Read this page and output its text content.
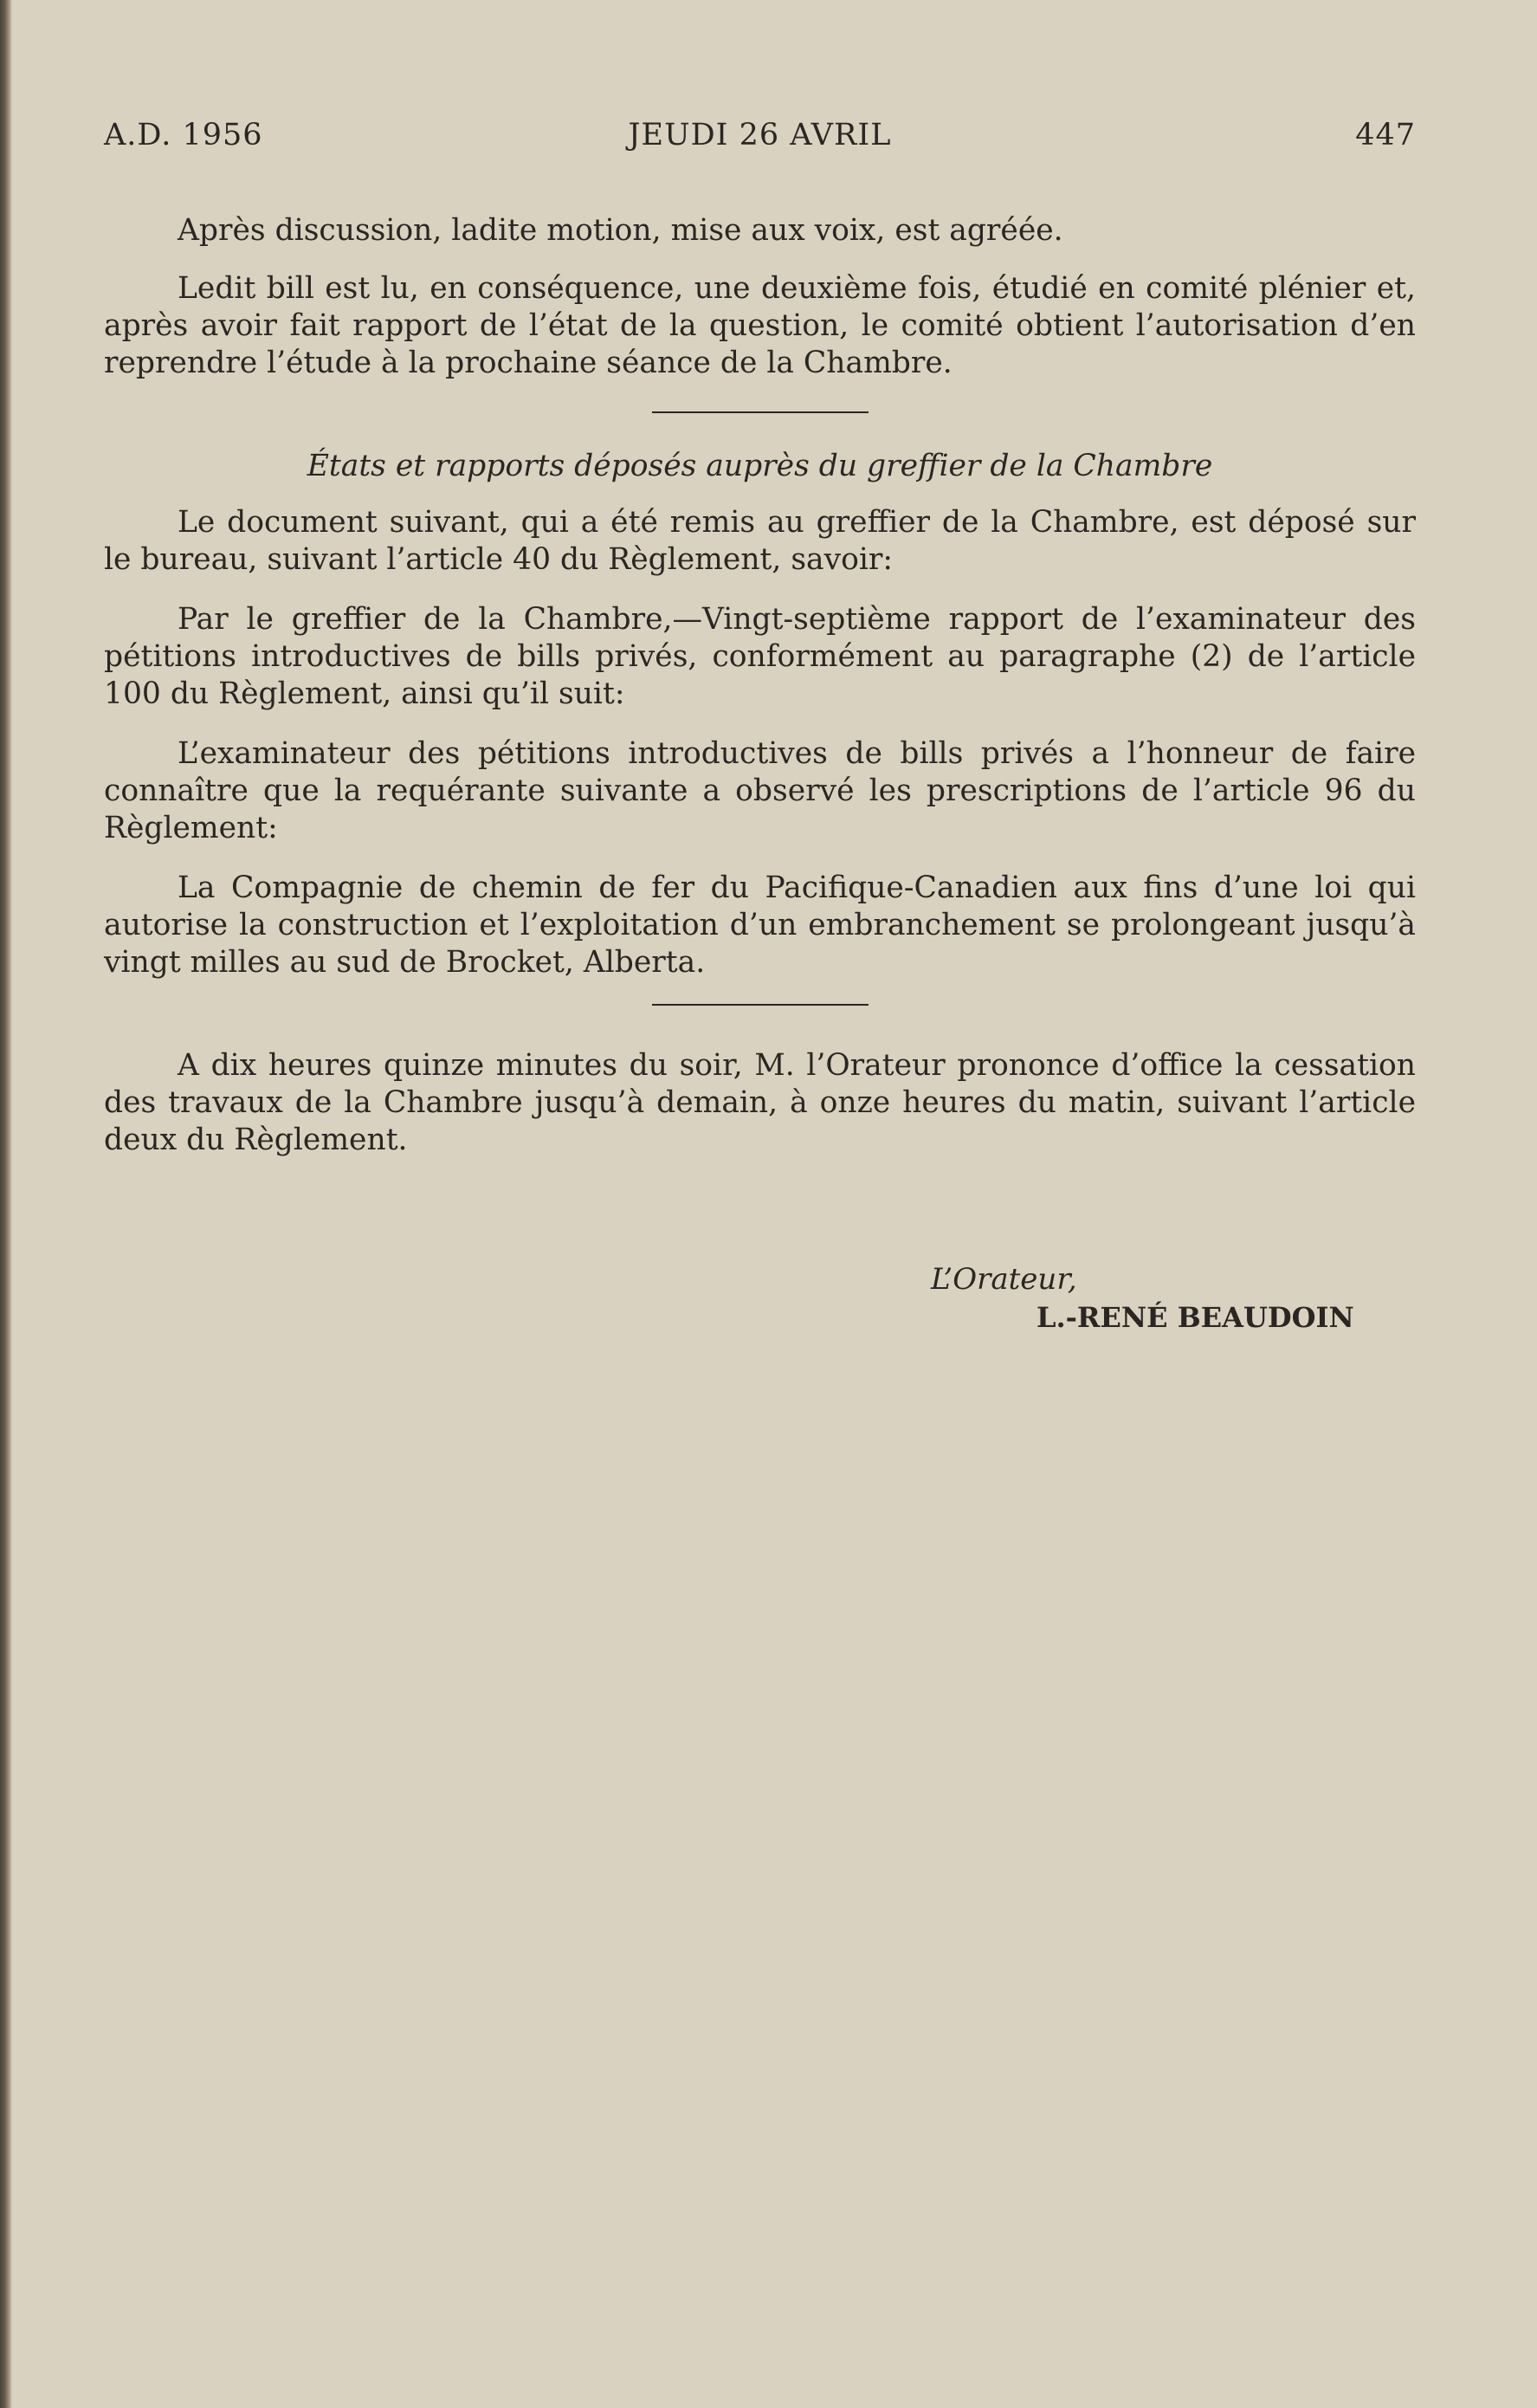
A.D. 1956	JEUDI 26 AVRIL	447

Après discussion, ladite motion, mise aux voix, est agréée.

Ledit bill est lu, en conséquence, une deuxième fois, étudié en comité plénier et, après avoir fait rapport de l’état de la question, le comité obtient l’autorisation d’en reprendre l’étude à la prochaine séance de la Chambre.

États et rapports déposés auprès du greffier de la Chambre

Le document suivant, qui a été remis au greffier de la Chambre, est déposé sur le bureau, suivant l’article 40 du Règlement, savoir:

Par le greffier de la Chambre,—Vingt-septième rapport de l’examinateur des pétitions introductives de bills privés, conformément au paragraphe (2) de l’article 100 du Règlement, ainsi qu’il suit:

L’examinateur des pétitions introductives de bills privés a l’honneur de faire connaître que la requérante suivante a observé les prescriptions de l’article 96 du Règlement:

La Compagnie de chemin de fer du Pacifique-Canadien aux fins d’une loi qui autorise la construction et l’exploitation d’un embranchement se prolongeant jusqu’à vingt milles au sud de Brocket, Alberta.

A dix heures quinze minutes du soir, M. l’Orateur prononce d’office la cessation des travaux de la Chambre jusqu’à demain, à onze heures du matin, suivant l’article deux du Règlement.

L’Orateur,
L.-RENÉ BEAUDOIN
